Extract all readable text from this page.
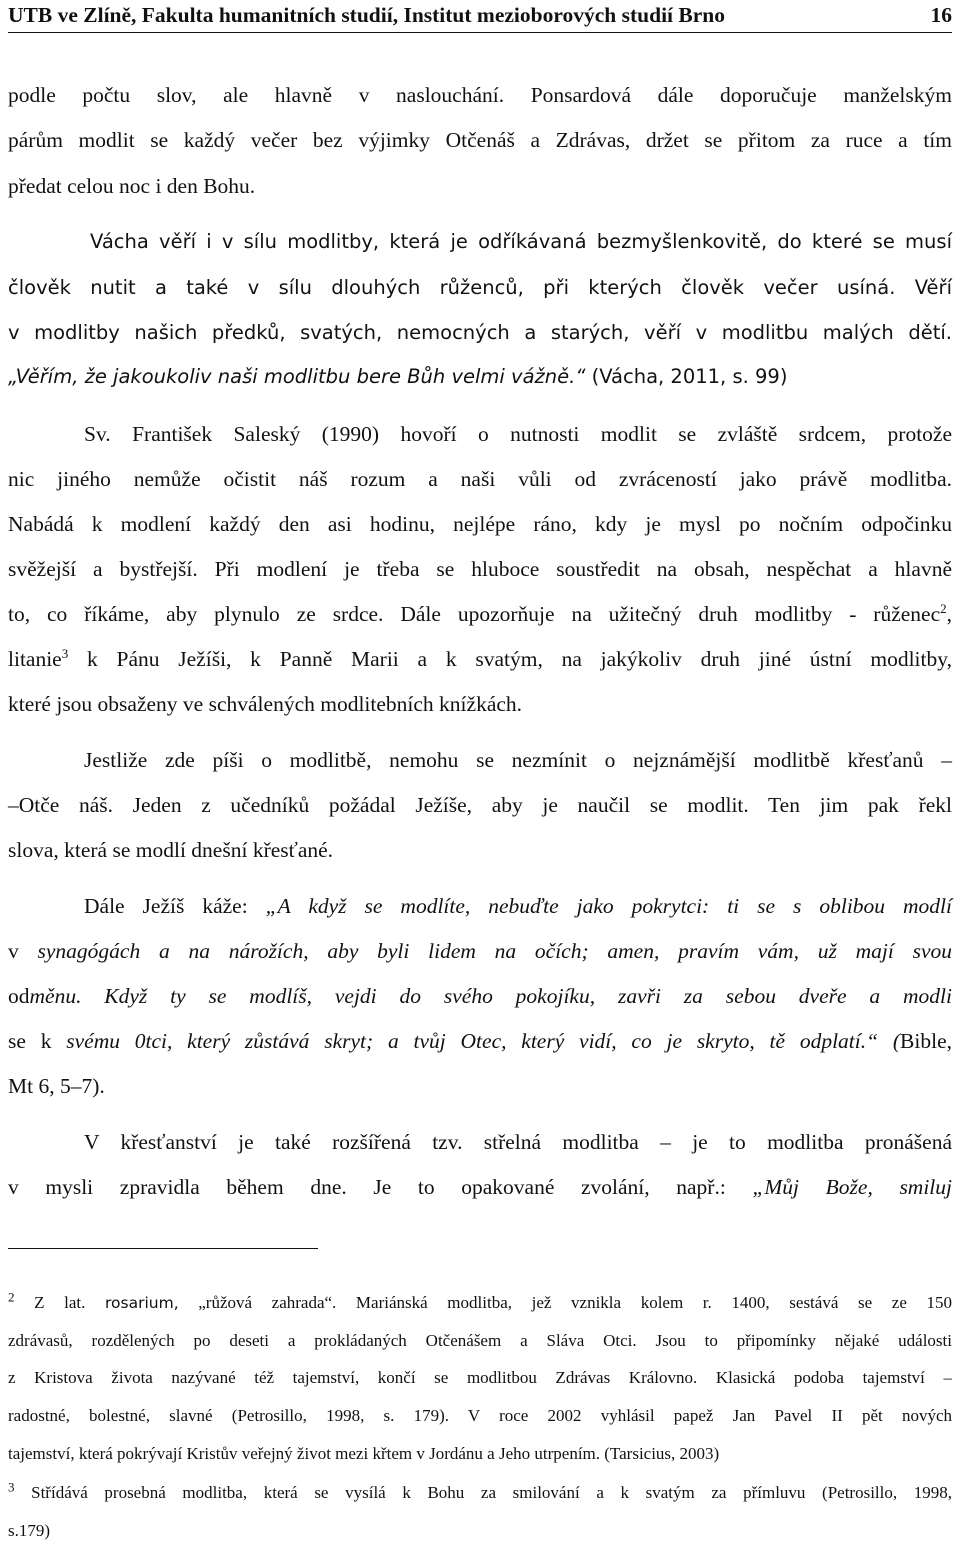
UTB ve Zlíně, Fakulta humanitních studií, Institut mezioborových studií Brno	16
podle počtu slov, ale hlavně v naslouchání. Ponsardová dále doporučuje manželským
párům modlit se každý večer bez výjimky Otčenáš a Zdrávas, držet se přitom za ruce a tím
předat celou noc i den Bohu.
Vácha věří i v sílu modlitby, která je odříkávaná bezmyšlenkovitě, do které se musí
člověk nutit a také v sílu dlouhých růženců, při kterých člověk večer usíná. Věří
v modlitby našich předků, svatých, nemocných a starých, věří v modlitbu malých dětí.
„Věřím, že jakoukoliv naši modlitbu bere Bůh velmi vážně.“ (Vácha, 2011, s. 99)
Sv. František Saleský (1990) hovoří o nutnosti modlit se zvláště srdcem, protože
nic jiného nemůže očistit náš rozum a naši vůli od zvráceností jako právě modlitba.
Nabádá k modlení každý den asi hodinu, nejlépe ráno, kdy je mysl po nočním odpočinku
svěžejší a bystřejší. Při modlení je třeba se hluboce soustředit na obsah, nespěchat a hlavně
to, co říkáme, aby plynulo ze srdce. Dále upozorňuje na užitečný druh modlitby - růženec$^2$,
litanie$^3$ k Pánu Ježíši, k Panně Marii a k svatým, na jakýkoliv druh jiné ústní modlitby,
které jsou obsaženy ve schválených modlitebních knížkách.
Jestliže zde píši o modlitbě, nemohu se nezmínit o nejznámější modlitbě křesťanů –
–Otče náš. Jeden z učedníků požádal Ježíše, aby je naučil se modlit. Ten jim pak řekl
slova, která se modlí dnešní křesťané.
Dále Ježíš káže: „A když se modlíte, nebuďte jako pokrytci: ti se s oblibou modlí
v synagógách a na nárožích, aby byli lidem na očích; amen, pravím vám, už mají svou
odměnu. Když ty se modlíš, vejdi do svého pokojíku, zavři za sebou dveře a modli
se k svému 0tci, který zůstává skryt; a tvůj Otec, který vidí, co je skryto, tě odplatí.“ (Bible,
Mt 6, 5–7).
V křesťanství je také rozšířená tzv. střelná modlitba – je to modlitba pronášená
v mysli zpravidla během dne. Je to opakované zvolání, např.: „Můj Bože, smiluj
$^2$ Z lat. rosarium, „růžová zahrada“. Mariánská modlitba, jež vznikla kolem r. 1400, sestává se ze 150
zdrávasů, rozdělených po deseti a prokládaných Otčenášem a Sláva Otci. Jsou to připomínky nějaké události
z Kristova života nazývané též tajemství, končí se modlitbou Zdrávas Královno. Klasická podoba tajemství –
radostné, bolestné, slavné (Petrosillo, 1998, s. 179). V roce 2002 vyhlásil papež Jan Pavel II pět nových
tajemství, která pokrývají Kristův veřejný život mezi křtem v Jordánu a Jeho utrpením. (Tarsicius, 2003)
$^3$ Střídává prosebná modlitba, která se vysílá k Bohu za smilování a k svatým za přímluvu (Petrosillo, 1998,
s.179)
